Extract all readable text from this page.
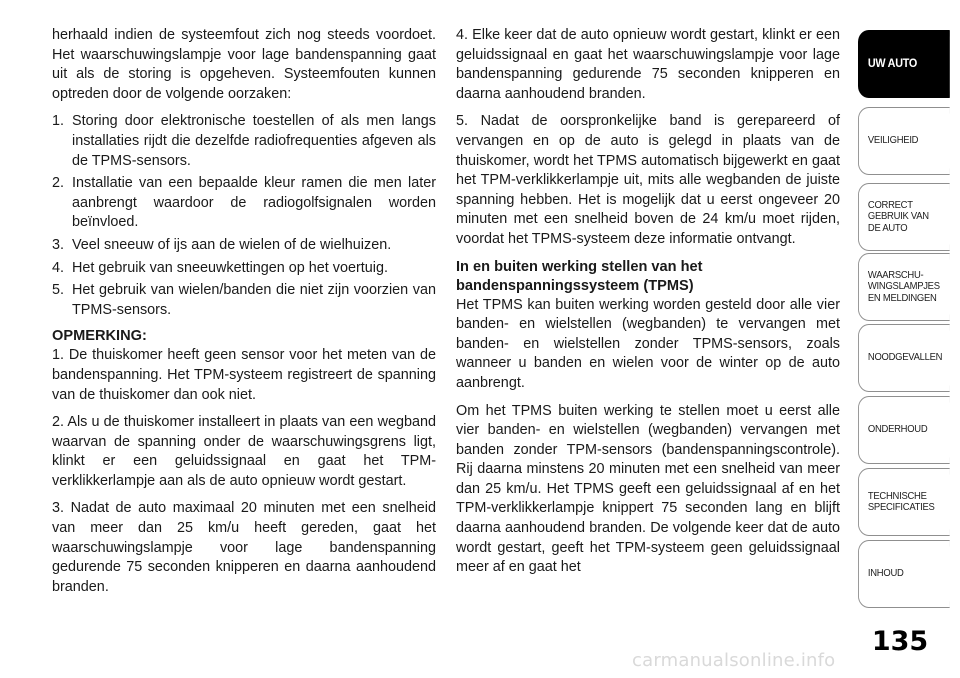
herhaald indien de systeemfout zich nog steeds voordoet. Het waarschuwingslampje voor lage bandenspanning gaat uit als de storing is opgeheven. Systeemfouten kunnen optreden door de volgende oorzaken:

1. Storing door elektronische toestellen of als men langs installaties rijdt die dezelfde radiofrequenties afgeven als de TPMS-sensors.
2. Installatie van een bepaalde kleur ramen die men later aanbrengt waardoor de radiogolfsignalen worden beïnvloed.
3. Veel sneeuw of ijs aan de wielen of de wielhuizen.
4. Het gebruik van sneeuwkettingen op het voertuig.
5. Het gebruik van wielen/banden die niet zijn voorzien van TPMS-sensors.
OPMERKING:

1. De thuiskomer heeft geen sensor voor het meten van de bandenspanning. Het TPM-systeem registreert de spanning van de thuiskomer dan ook niet.

2. Als u de thuiskomer installeert in plaats van een wegband waarvan de spanning onder de waarschuwingsgrens ligt, klinkt er een geluidssignaal en gaat het TPM-verklikkerlampje aan als de auto opnieuw wordt gestart.

3. Nadat de auto maximaal 20 minuten met een snelheid van meer dan 25 km/u heeft gereden, gaat het waarschuwingslampje voor lage bandenspanning gedurende 75 seconden knipperen en daarna aanhoudend branden.

4. Elke keer dat de auto opnieuw wordt gestart, klinkt er een geluidssignaal en gaat het waarschuwingslampje voor lage bandenspanning gedurende 75 seconden knipperen en daarna aanhoudend branden.

5. Nadat de oorspronkelijke band is gerepareerd of vervangen en op de auto is gelegd in plaats van de thuiskomer, wordt het TPMS automatisch bijgewerkt en gaat het TPM-verklikkerlampje uit, mits alle wegbanden de juiste spanning hebben. Het is mogelijk dat u eerst ongeveer 20 minuten met een snelheid boven de 24 km/u moet rijden, voordat het TPMS-systeem deze informatie ontvangt.

In en buiten werking stellen van het
bandenspanningssysteem (TPMS)

Het TPMS kan buiten werking worden gesteld door alle vier banden- en wielstellen (wegbanden) te vervangen met banden- en wielstellen zonder TPMS-sensors, zoals wanneer u banden en wielen voor de winter op de auto aanbrengt.

Om het TPMS buiten werking te stellen moet u eerst alle vier banden- en wielstellen (wegbanden) vervangen met banden zonder TPM-sensors (bandenspanningscontrole). Rij daarna minstens 20 minuten met een snelheid van meer dan 25 km/u. Het TPMS geeft een geluidssignaal af en het TPM-verklikkerlampje knippert 75 seconden lang en blijft daarna aanhoudend branden. De volgende keer dat de auto wordt gestart, geeft het TPM-systeem geen geluidssignaal meer af en gaat het

UW AUTO
VEILIGHEID
CORRECT
GEBRUIK VAN
DE AUTO
WAARSCHU-
WINGSLAMPJES
EN MELDINGEN
NOODGEVALLEN
ONDERHOUD
TECHNISCHE
SPECIFICATIES
INHOUD
135
carmanualsonline.info
